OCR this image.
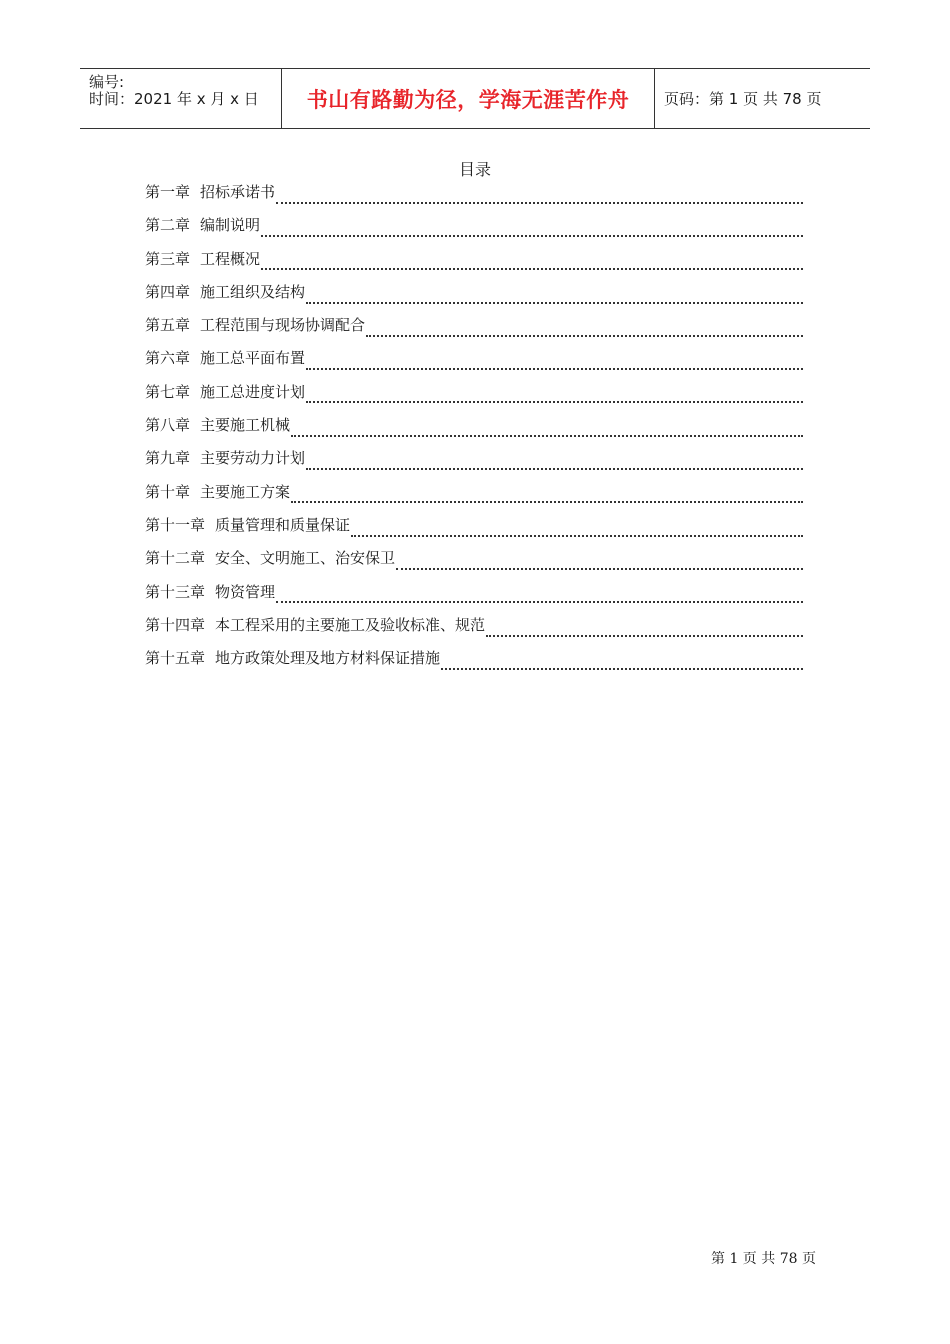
编号:
时间：2021 年 x 月 x 日 书山有路勤为径，学海无涯苦作舟 页码：第 1 页 共 78 页
目录
第一章 招标承诺书
第二章 编制说明
第三章 工程概况
第四章 施工组织及结构
第五章 工程范围与现场协调配合
第六章 施工总平面布置
第七章 施工总进度计划
第八章 主要施工机械
第九章 主要劳动力计划
第十章 主要施工方案
第十一章 质量管理和质量保证
第十二章 安全、文明施工、治安保卫
第十三章 物资管理
第十四章 本工程采用的主要施工及验收标准、规范
第十五章 地方政策处理及地方材料保证措施
第 1 页 共 78 页
